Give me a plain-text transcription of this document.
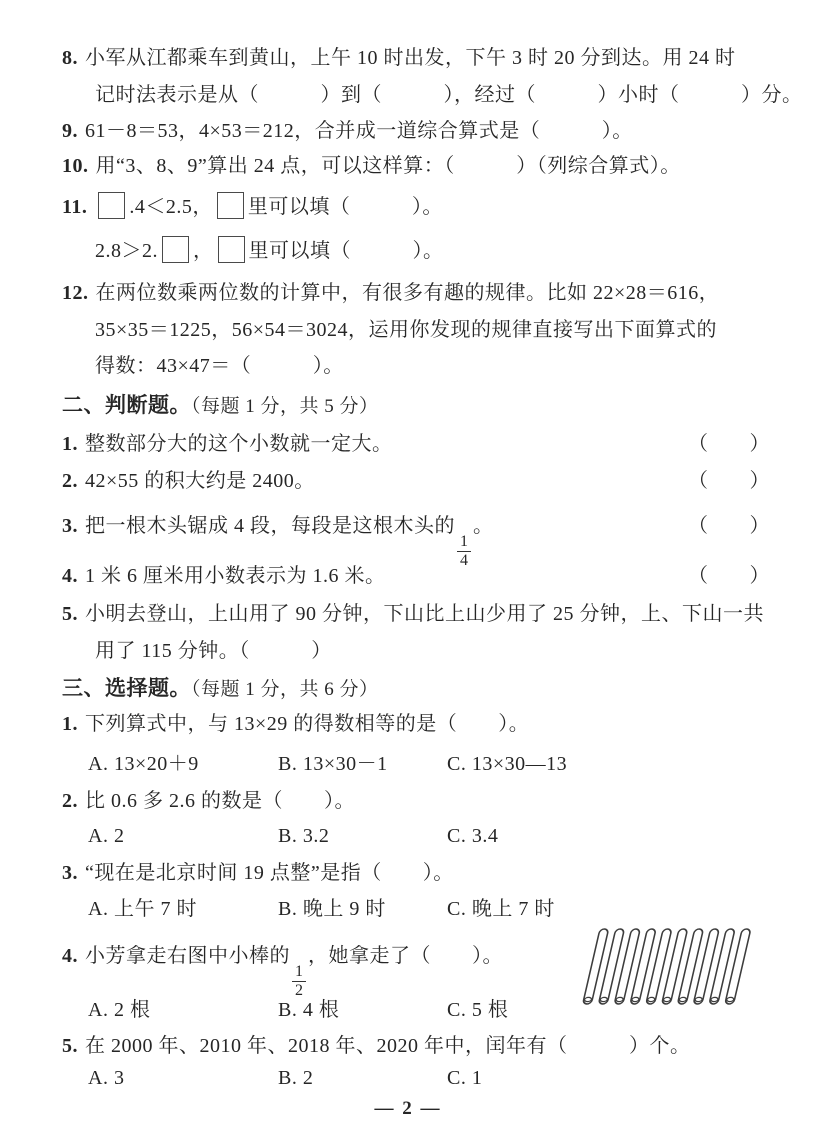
8. 小军从江都乘车到黄山，上午 10 时出发，下午 3 时 20 分到达。用 24 时
记时法表示是从（　　　）到（　　　），经过（　　　）小时（　　　）分。
9. 61－8＝53，4×53＝212，合并成一道综合算式是（　　　）。
10. 用“3、8、9”算出 24 点，可以这样算：（　　　）（列综合算式）。
11. .4＜2.5， 里可以填（　　　）。
2.8＞2. ， 里可以填（　　　）。
12. 在两位数乘两位数的计算中，有很多有趣的规律。比如 22×28＝616，
35×35＝1225，56×54＝3024，运用你发现的规律直接写出下面算式的
得数：43×47＝（　　　）。
二、判断题。（每题 1 分，共 5 分）
1. 整数部分大的这个小数就一定大。	（　　）
2. 42×55 的积大约是 2400。	（　　）
3. 把一根木头锯成 4 段，每段是这根木头的
$\frac{1}{4}$
。	（　　）
4. 1 米 6 厘米用小数表示为 1.6 米。	（　　）
5. 小明去登山，上山用了 90 分钟，下山比上山少用了 25 分钟，上、下山一共
用了 115 分钟。（　　　）
三、选择题。（每题 1 分，共 6 分）
1. 下列算式中，与 13×29 的得数相等的是（　　）。
A. 13×20＋9	B. 13×30－1	C. 13×30—13
2. 比 0.6 多 2.6 的数是（　　）。
A. 2	B. 3.2	C. 3.4
3. “现在是北京时间 19 点整”是指（　　）。
A. 上午 7 时	B. 晚上 9 时	C. 晚上 7 时
4. 小芳拿走右图中小棒的
$\frac{1}{2}$
，她拿走了（　　）。
A. 2 根	B. 4 根	C. 5 根
5. 在 2000 年、2010 年、2018 年、2020 年中，闰年有（　　　）个。
A. 3	B. 2	C. 1
— 2 —
